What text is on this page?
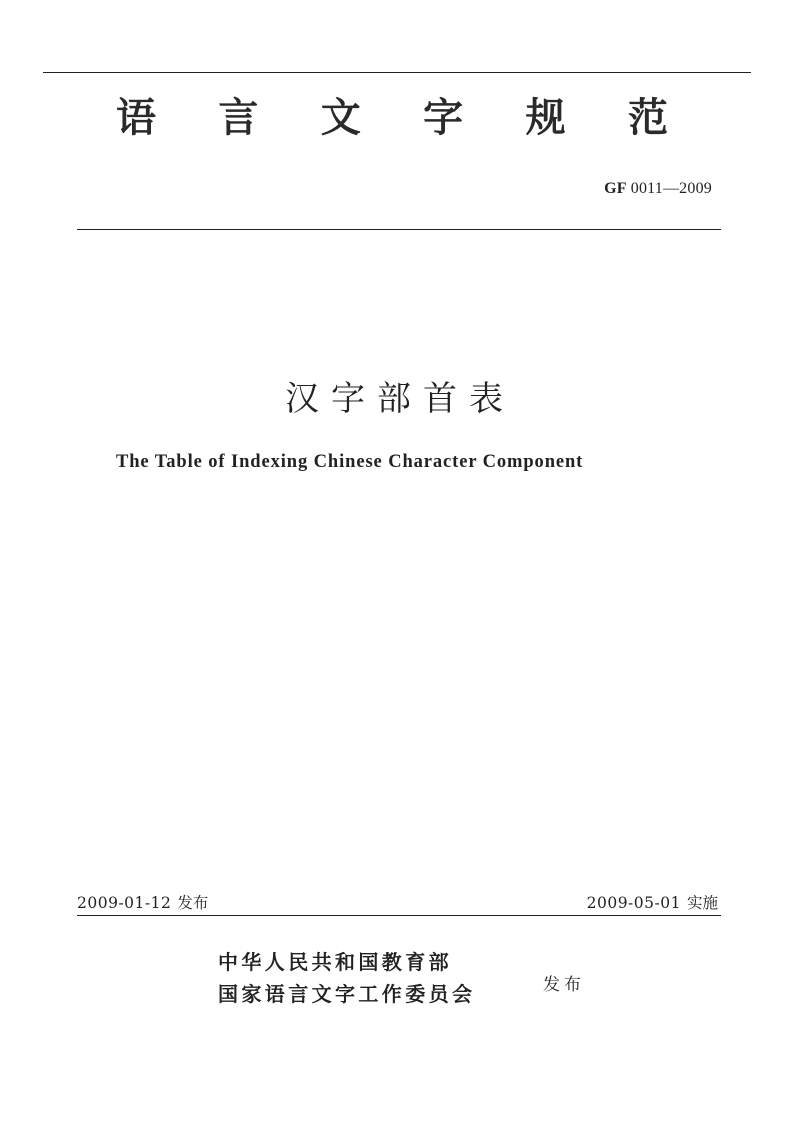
语 言 文 字 规 范
GF 0011—2009
汉字部首表
The Table of Indexing Chinese Character Component
2009-01-12 发布	2009-05-01 实施
中华人民共和国教育部
国家语言文字工作委员会	发布
